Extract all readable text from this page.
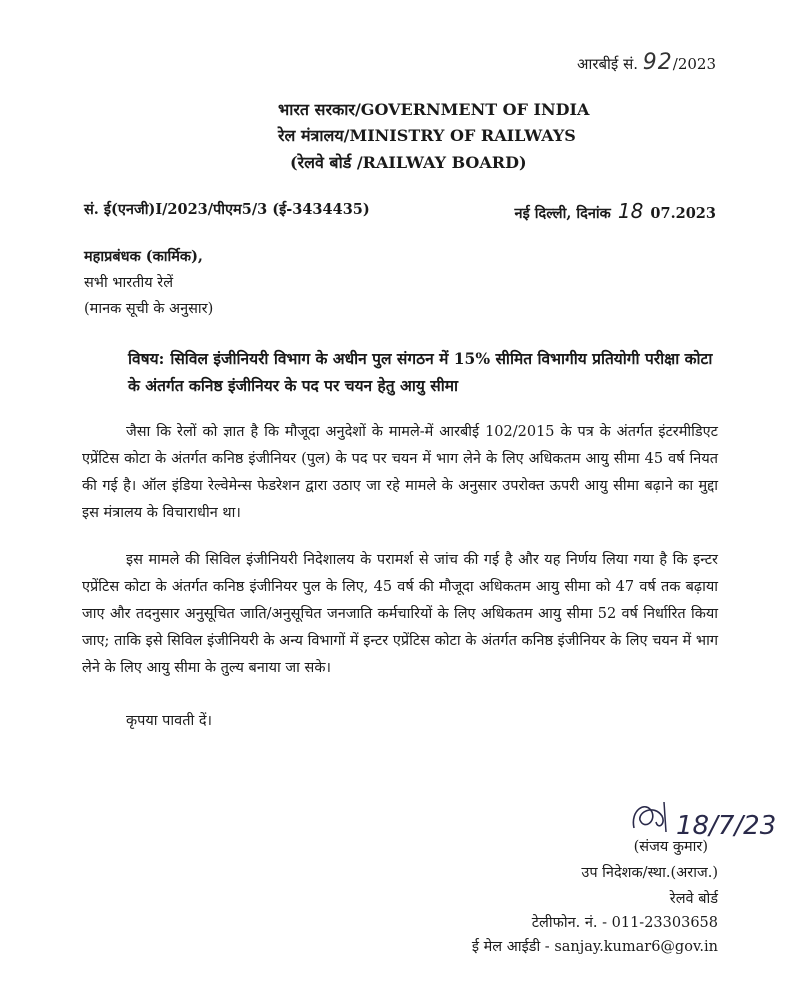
आरबीई सं. 92/2023
भारत सरकार/GOVERNMENT OF INDIA
रेल मंत्रालय/MINISTRY OF RAILWAYS
(रेलवे बोर्ड /RAILWAY BOARD)
सं. ई(एनजी)I/2023/पीएम5/3 (ई-3434435)	नई दिल्ली, दिनांक 18 07.2023
महाप्रबंधक (कार्मिक),
सभी भारतीय रेलें
(मानक सूची के अनुसार)
विषय: सिविल इंजीनियरी विभाग के अधीन पुल संगठन में 15% सीमित विभागीय प्रतियोगी परीक्षा कोटा के अंतर्गत कनिष्ठ इंजीनियर के पद पर चयन हेतु आयु सीमा
जैसा कि रेलों को ज्ञात है कि मौजूदा अनुदेशों के मामले-में आरबीई 102/2015 के पत्र के अंतर्गत इंटरमीडिएट एप्रेंटिस कोटा के अंतर्गत कनिष्ठ इंजीनियर (पुल) के पद पर चयन में भाग लेने के लिए अधिकतम आयु सीमा 45 वर्ष नियत की गई है। ऑल इंडिया रेल्वेमेन्स फेडरेशन द्वारा उठाए जा रहे मामले के अनुसार उपरोक्त ऊपरी आयु सीमा बढ़ाने का मुद्दा इस मंत्रालय के विचाराधीन था।
इस मामले की सिविल इंजीनियरी निदेशालय के परामर्श से जांच की गई है और यह निर्णय लिया गया है कि इन्टर एप्रेंटिस कोटा के अंतर्गत कनिष्ठ इंजीनियर पुल के लिए, 45 वर्ष की मौजूदा अधिकतम आयु सीमा को 47 वर्ष तक बढ़ाया जाए और तदनुसार अनुसूचित जाति/अनुसूचित जनजाति कर्मचारियों के लिए अधिकतम आयु सीमा 52 वर्ष निर्धारित किया जाए; ताकि इसे सिविल इंजीनियरी के अन्य विभागों में इन्टर एप्रेंटिस कोटा के अंतर्गत कनिष्ठ इंजीनियर के लिए चयन में भाग लेने के लिए आयु सीमा के तुल्य बनाया जा सके।
कृपया पावती दें।
18/7/23
(संजय कुमार)
उप निदेशक/स्था.(अराज.)
रेलवे बोर्ड
टेलीफोन. नं. - 011-23303658
ई मेल आईडी - sanjay.kumar6@gov.in
